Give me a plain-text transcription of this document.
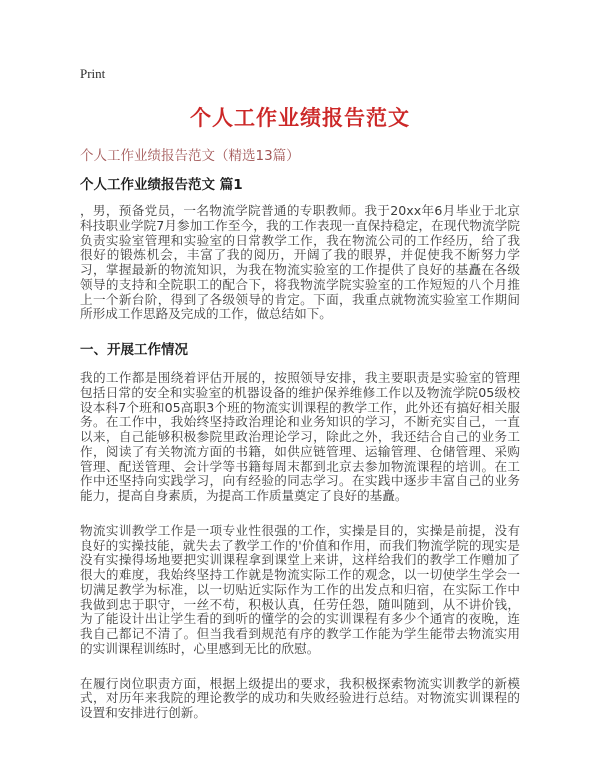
Print
个人工作业绩报告范文

个人工作业绩报告范文（精选13篇）

个人工作业绩报告范文 篇1

，男，预备党员，一名物流学院普通的专职教师。我于20xx年6月毕业于北京科技职业学院7月参加工作至今，我的工作表现一直保持稳定，在现代物流学院负责实验室管理和实验室的日常教学工作，我在物流公司的工作经历，给了我很好的锻炼机会，丰富了我的阅历，开阔了我的眼界，并促使我不断努力学习，掌握最新的物流知识，为我在物流实验室的工作提供了良好的基矗在各级领导的支持和全院职工的配合下，将我物流学院实验室的工作短短的八个月推上一个新台阶，得到了各级领导的肯定。下面，我重点就物流实验室工作期间所形成工作思路及完成的工作，做总结如下。

一、开展工作情况

我的工作都是围绕着评估开展的，按照领导安排，我主要职责是实验室的管理包括日常的安全和实验室的机器设备的维护保养维修工作以及物流学院05级校设本科7个班和05高职3个班的物流实训课程的教学工作，此外还有搞好相关服务。在工作中，我始终坚持政治理论和业务知识的学习，不断充实自己，一直以来，自己能够积极参院里政治理论学习，除此之外，我还结合自己的业务工作，阅读了有关物流方面的书籍，如供应链管理、运输管理、仓储管理、采购管理、配送管理、会计学等书籍每周末都到北京去参加物流课程的培训。在工作中还坚持向实践学习，向有经验的同志学习。在实践中逐步丰富自己的业务能力，提高自身素质，为提高工作质量奠定了良好的基矗。

物流实训教学工作是一项专业性很强的工作，实操是目的，实操是前提，没有良好的实操技能，就失去了教学工作的'价值和作用，而我们物流学院的现实是没有实操得场地要把实训课程拿到课堂上来讲，这样给我们的教学工作赠加了很大的难度，我始终坚持工作就是物流实际工作的观念，以一切使学生学会一切满足教学为标准，以一切贴近实际作为工作的出发点和归宿，在实际工作中我做到忠于职守，一丝不苟，积极认真，任劳任怨，随叫随到，从不讲价钱，为了能设计出让学生看的到听的懂学的会的实训课程有多少个通宵的夜晚，连我自己都记不清了。但当我看到规范有序的教学工作能为学生能带去物流实用的实训课程训练时，心里感到无比的欣慰。

在履行岗位职责方面，根据上级提出的要求，我积极探索物流实训教学的新模式，对历年来我院的理论教学的成功和失败经验进行总结。对物流实训课程的设置和安排进行创新。
